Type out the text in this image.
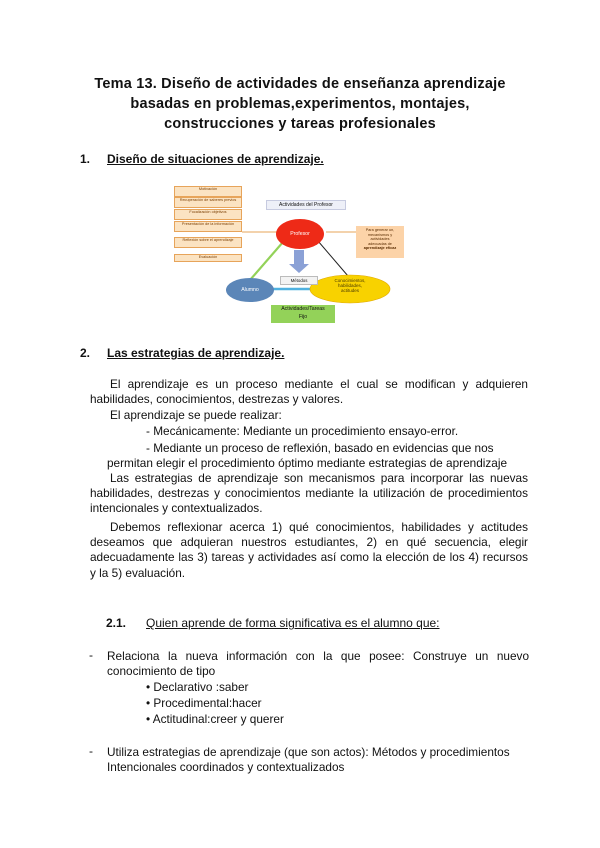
Tema 13. Diseño de actividades de enseñanza aprendizaje
basadas en problemas,experimentos, montajes,
construcciones y tareas profesionales
1. Diseño de situaciones de aprendizaje.
Motivación
Recuperación de saberes previos
Focalización objetivos
Presentación de la información
Reflexión sobre el aprendizaje
Evaluación
Actividades del Profesor
Profesor
Alumno
Métodos	Conocimientos,
habilidades,
actitudes
Para generar un,
mecanismos y
actividades
adecuadas de
aprendizaje eficaz
Actividades/Tareas
Fijo
2. Las estrategias de aprendizaje.
El aprendizaje es un proceso mediante el cual se modifican y adquieren habilidades, conocimientos, destrezas y valores.
El aprendizaje se puede realizar:
- Mecánicamente: Mediante un procedimiento ensayo-error.
- Mediante un proceso de reflexión, basado en evidencias que nos
permitan elegir el procedimiento óptimo mediante estrategias de aprendizaje
Las estrategias de aprendizaje son mecanismos para incorporar las nuevas habilidades, destrezas y conocimientos mediante la utilización de procedimientos intencionales y contextualizados.
Debemos reflexionar acerca 1) qué conocimientos, habilidades y actitudes deseamos que adquieran nuestros estudiantes, 2) en qué secuencia, elegir adecuadamente las 3) tareas y actividades así como la elección de los 4) recursos y la 5) evaluación.
2.1. Quien aprende de forma significativa es el alumno que:
- Relaciona la nueva información con la que posee: Construye un nuevo
conocimiento de tipo
• Declarativo :saber
• Procedimental:hacer
• Actitudinal:creer y querer
- Utiliza estrategias de aprendizaje (que son actos): Métodos y procedimientos
Intencionales coordinados y contextualizados
